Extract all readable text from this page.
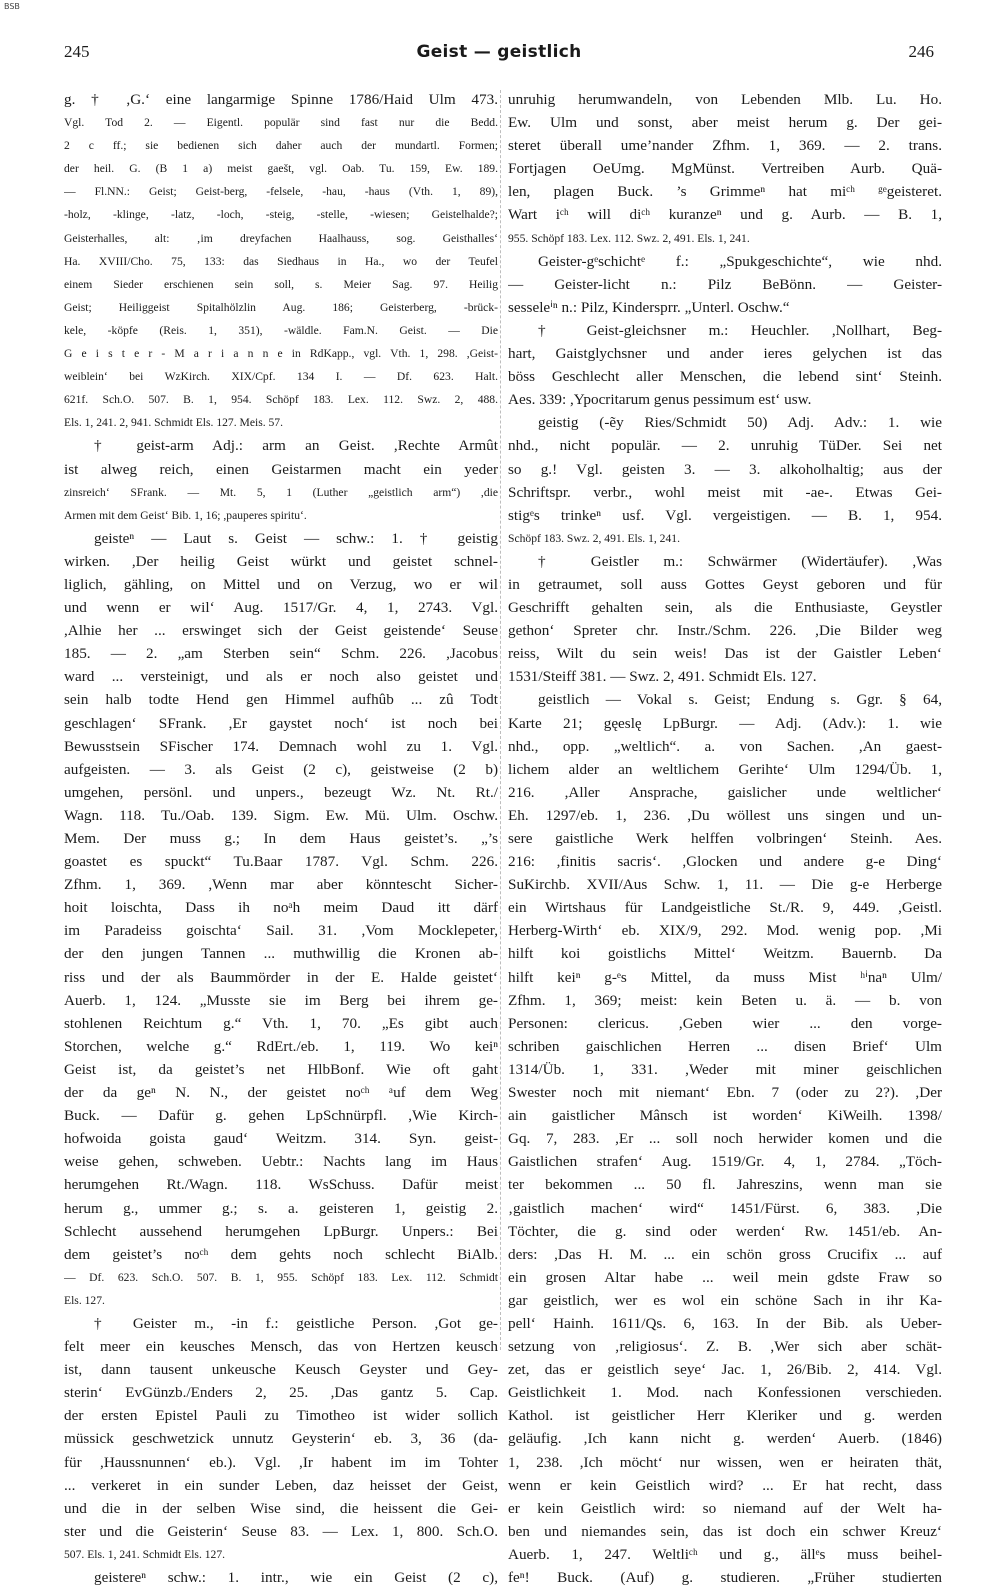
BSB
245	Geist — geistlich	246
g. † ,G.‘ eine langarmige Spinne 1786/Haid Ulm 473.
Vgl. Tod 2. — Eigentl. populär sind fast nur die Bedd.
2 c ff.; sie bedienen sich daher auch der mundartl. Formen;
der heil. G. (B 1 a) meist gaešt, vgl. Oab. Tu. 159, Ew. 189.
— Fl.NN.: Geist; Geist-berg, -felsele, -hau, -haus (Vth. 1, 89),
-holz, -klinge, -latz, -loch, -steig, -stelle, -wiesen; Geistelhalde?;
Geisterhalles, alt: ‚im dreyfachen Haalhauss, sog. Geisthalles‘
Ha. XVIII/Cho. 75, 133: das Siedhaus in Ha., wo der Teufel
einem Sieder erschienen sein soll, s. Meier Sag. 97. Heilig
Geist; Heiliggeist Spitalhölzlin Aug. 186; Geisterberg, -brück-
kele, -köpfe (Reis. 1, 351), -wäldle. Fam.N. Geist. — Die
G e i s t e r - M a r i a n n e in RdKapp., vgl. Vth. 1, 298. ,Geist-
weiblein‘ bei WzKirch. XIX/Cpf. 134 I. — Df. 623. Halt.
621f. Sch.O. 507. B. 1, 954. Schöpf 183. Lex. 112. Swz. 2, 488.
Els. 1, 241. 2, 941. Schmidt Els. 127. Meis. 57.
† geist-arm Adj.: arm an Geist. ,Rechte Armût
ist alweg reich, einen Geistarmen macht ein yeder
zinsreich‘ SFrank. — Mt. 5, 1 (Luther „geistlich arm“) ,die
Armen mit dem Geist‘ Bib. 1, 16; ,pauperes spiritu‘.
geisteⁿ — Laut s. Geist — schw.: 1. † geistig
wirken. ,Der heilig Geist würkt und geistet schnel-
liglich, gähling, on Mittel und on Verzug, wo er wil
und wenn er wil‘ Aug. 1517/Gr. 4, 1, 2743. Vgl.
,Alhie her ... erswinget sich der Geist geistende‘ Seuse
185. — 2. „am Sterben sein“ Schm. 226. ,Jacobus
ward ... versteinigt, und als er noch also geistet und
sein halb todte Hend gen Himmel aufhûb ... zû Todt
geschlagen‘ SFrank. ,Er gaystet noch‘ ist noch bei
Bewusstsein SFischer 174. Demnach wohl zu 1. Vgl.
aufgeisten. — 3. als Geist (2 c), geistweise (2 b)
umgehen, persönl. und unpers., bezeugt Wz. Nt. Rt./
Wagn. 118. Tu./Oab. 139. Sigm. Ew. Mü. Ulm. Oschw.
Mem. Der muss g.; In dem Haus geistet’s. „’s
goastet es spuckt“ Tu.Baar 1787. Vgl. Schm. 226.
Zfhm. 1, 369. ,Wenn mar aber könntescht Sicher-
hoit loischta, Dass ih noᵃh meim Daud itt därf
im Paradeiss goischta‘ Sail. 31. ,Vom Mocklepeter,
der den jungen Tannen ... muthwillig die Kronen ab-
riss und der als Baummörder in der E. Halde geistet‘
Auerb. 1, 124. „Musste sie im Berg bei ihrem ge-
stohlenen Reichtum g.“ Vth. 1, 70. „Es gibt auch
Storchen, welche g.“ RdErt./eb. 1, 119. Wo keiⁿ
Geist ist, da geistet’s net HlbBonf. Wie oft gaht
der da geⁿ N. N., der geistet noᶜʰ ᵃuf dem Weg
Buck. — Dafür g. gehen LpSchnürpfl. ,Wie Kirch-
hofwoida goista gaud‘ Weitzm. 314. Syn. geist-
weise gehen, schweben. Uebtr.: Nachts lang im Haus
herumgehen Rt./Wagn. 118. WsSchuss. Dafür meist
herum g., ummer g.; s. a. geisteren 1, geistig 2.
Schlecht aussehend herumgehen LpBurgr. Unpers.: Bei
dem geistet’s noᶜʰ dem gehts noch schlecht BiAlb.
— Df. 623. Sch.O. 507. B. 1, 955. Schöpf 183. Lex. 112. Schmidt
Els. 127.
† Geister m., -in f.: geistliche Person. ,Got ge-
felt meer ein keusches Mensch, das von Hertzen keusch
ist, dann tausent unkeusche Keusch Geyster und Gey-
sterin‘ EvGünzb./Enders 2, 25. ,Das gantz 5. Cap.
der ersten Epistel Pauli zu Timotheo ist wider sollich
müssick geschwetzick unnutz Geysterin‘ eb. 3, 36 (da-
für ,Haussnunnen‘ eb.). Vgl. ,Ir habent im im Tohter
... verkeret in ein sunder Leben, daz heisset der Geist,
und die in der selben Wise sind, die heissent die Gei-
ster und die Geisterin‘ Seuse 83. — Lex. 1, 800. Sch.O.
507. Els. 1, 241. Schmidt Els. 127.
geistereⁿ schw.: 1. intr., wie ein Geist (2 c),
unruhig herumwandeln, von Lebenden Mlb. Lu. Ho.
Ew. Ulm und sonst, aber meist herum g. Der gei-
steret überall ume’nander Zfhm. 1, 369. — 2. trans.
Fortjagen OeUmg. MgMünst. Vertreiben Aurb. Quä-
len, plagen Buck. ’s Grimmeⁿ hat miᶜʰ ᵍᵉgeisteret.
Wart iᶜʰ will diᶜʰ kuranzeⁿ und g. Aurb. — B. 1,
955. Schöpf 183. Lex. 112. Swz. 2, 491. Els. 1, 241.
Geister-gᵉschichtᵉ f.: „Spukgeschichte“, wie nhd.
— Geister-licht n.: Pilz BeBönn. — Geister-
sesseleⁱⁿ n.: Pilz, Kindersprr. „Unterl. Oschw.“
† Geist-gleichsner m.: Heuchler. ,Nollhart, Beg-
hart, Gaistglychsner und ander ieres gelychen ist das
böss Geschlecht aller Menschen, die lebend sint‘ Steinh.
Aes. 339: ,Ypocritarum genus pessimum est‘ usw.
geistig (-ẽy Ries/Schmidt 50) Adj. Adv.: 1. wie
nhd., nicht populär. — 2. unruhig TüDer. Sei net
so g.! Vgl. geisten 3. — 3. alkoholhaltig; aus der
Schriftspr. verbr., wohl meist mit -ae-. Etwas Gei-
stigᵉs trinkeⁿ usf. Vgl. vergeistigen. — B. 1, 954.
Schöpf 183. Swz. 2, 491. Els. 1, 241.
† Geistler m.: Schwärmer (Widertäufer). ,Was
in getraumet, soll auss Gottes Geyst geboren und für
Geschrifft gehalten sein, als die Enthusiaste, Geystler
gethon‘ Spreter chr. Instr./Schm. 226. ,Die Bilder weg
reiss, Wilt du sein weis! Das ist der Gaistler Leben‘
1531/Steiff 381. — Swz. 2, 491. Schmidt Els. 127.
geistlich — Vokal s. Geist; Endung s. Ggr. § 64,
Karte 21; gęeslę LpBurgr. — Adj. (Adv.): 1. wie
nhd., opp. „weltlich“. a. von Sachen. ,An gaest-
lichem alder an weltlichem Gerihte‘ Ulm 1294/Üb. 1,
216. ,Aller Ansprache, gaislicher unde weltlicher‘
Eh. 1297/eb. 1, 236. ,Du wöllest uns singen und un-
sere gaistliche Werk helffen volbringen‘ Steinh. Aes.
216: ,finitis sacris‘. ,Glocken und andere g-e Ding‘
SuKirchb. XVII/Aus Schw. 1, 11. — Die g-e Herberge
ein Wirtshaus für Landgeistliche St./R. 9, 449. ,Geistl.
Herberg-Wirth‘ eb. XIX/9, 292. Mod. wenig pop. ,Mi
hilft koi goistlichs Mittel‘ Weitzm. Bauernb. Da
hilft keiⁿ g-ᵉs Mittel, da muss Mist ʰⁱnaⁿ Ulm/
Zfhm. 1, 369; meist: kein Beten u. ä. — b. von
Personen: clericus. ,Geben wier ... den vorge-
schriben gaischlichen Herren ... disen Brief‘ Ulm
1314/Üb. 1, 331. ,Weder mit miner geischlichen
Swester noch mit niemant‘ Ebn. 7 (oder zu 2?). ,Der
ain gaistlicher Mânsch ist worden‘ KiWeilh. 1398/
Gq. 7, 283. ,Er ... soll noch herwider komen und die
Gaistlichen strafen‘ Aug. 1519/Gr. 4, 1, 2784. „Töch-
ter bekommen ... 50 fl. Jahreszins, wenn man sie
‚gaistlich machen‘ wird“ 1451/Fürst. 6, 383. ,Die
Töchter, die g. sind oder werden‘ Rw. 1451/eb. An-
ders: ,Das H. M. ... ein schön gross Crucifix ... auf
ein grosen Altar habe ... weil mein gdste Fraw so
gar geistlich, wer es wol ein schöne Sach in ihr Ka-
pell‘ Hainh. 1611/Qs. 6, 163. In der Bib. als Ueber-
setzung von ‚religiosus‘. Z. B. ,Wer sich aber schät-
zet, das er geistlich seye‘ Jac. 1, 26/Bib. 2, 414. Vgl.
Geistlichkeit 1. Mod. nach Konfessionen verschieden.
Kathol. ist geistlicher Herr Kleriker und g. werden
geläufig. ,Ich kann nicht g. werden‘ Auerb. (1846)
1, 238. ,Ich möcht‘ nur wissen, wen er heiraten thät,
wenn er kein Geistlich wird? ... Er hat recht, dass
er kein Geistlich wird: so niemand auf der Welt ha-
ben und niemandes sein, das ist doch ein schwer Kreuz‘
Auerb. 1, 247. Weltliᶜʰ und g., ällᵉs muss beihel-
feⁿ! Buck. (Auf) g. studieren. „Früher studierten
